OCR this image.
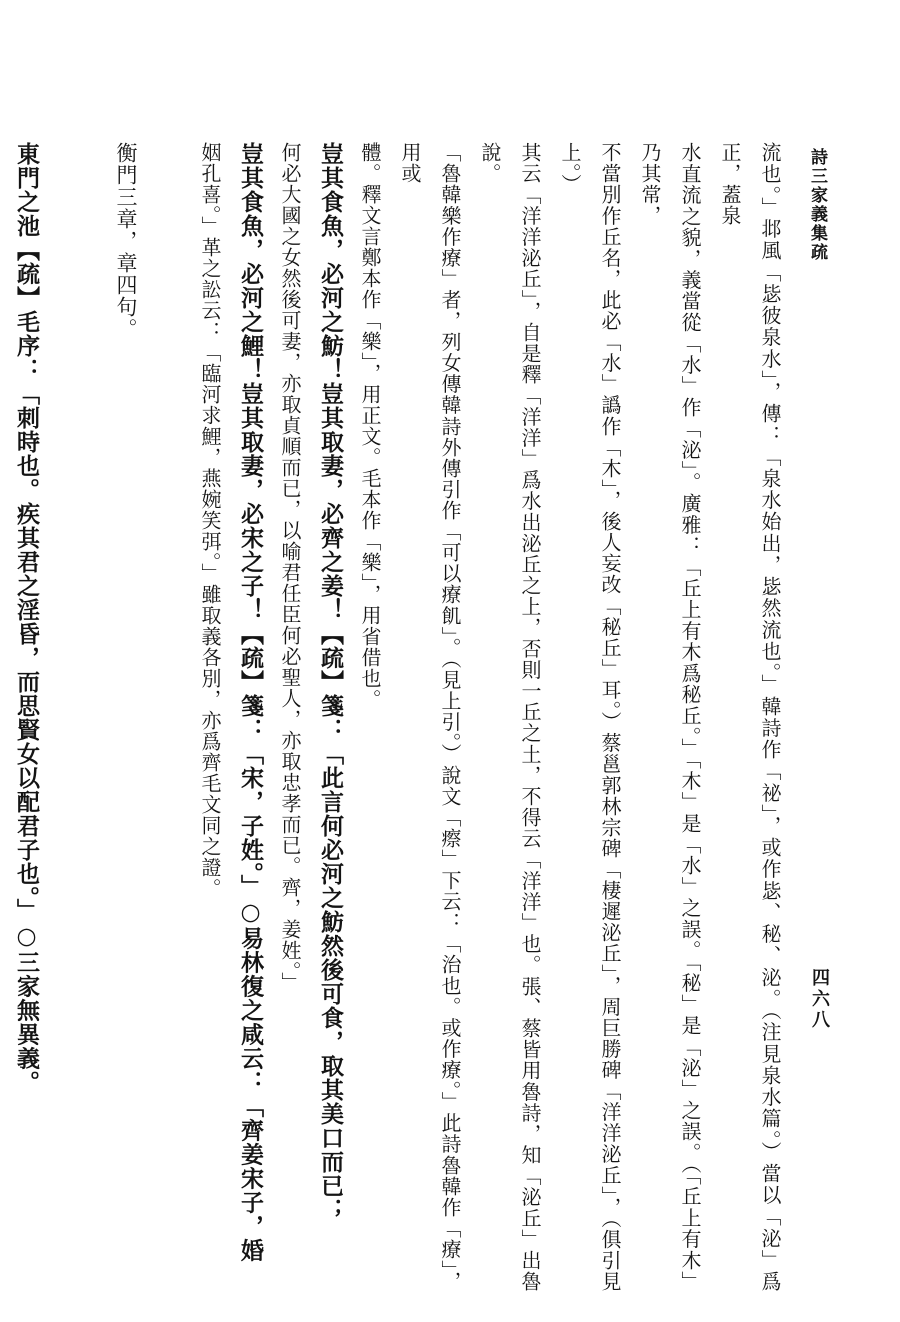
詩三家義集疏
四六八
流也。」邶風「毖彼泉水」，傳：「泉水始出，毖然流也。」韓詩作「祕」，或作毖、秘、泌。（注見泉水篇。）當以「泌」爲正，蓋泉
水直流之貌，義當從「水」作「泌」。廣雅：「丘上有木爲秘丘。」「木」是「水」之誤。「秘」是「泌」之誤。（「丘上有木」乃其常，
不當別作丘名，此必「水」譌作「木」，後人妄改「秘丘」耳。）蔡邕郭林宗碑「棲遲泌丘」，周巨勝碑「洋洋泌丘」，（俱引見上。）
其云「洋洋泌丘」，自是釋「洋洋」爲水出泌丘之上，否則一丘之土，不得云「洋洋」也。張、蔡皆用魯詩，知「泌丘」出魯說。
「魯韓樂作療」者，列女傳韓詩外傳引作「可以療飢」。（見上引。）說文「瘵」下云：「治也。或作療。」此詩魯韓作「療」，用或
體。釋文言鄭本作「樂」，用正文。毛本作「樂」，用省借也。
豈其食魚，必河之魴！豈其取妻，必齊之姜！【疏】箋：「此言何必河之魴然後可食，取其美口而已；
何必大國之女然後可妻，亦取貞順而已，以喻君任臣何必聖人，亦取忠孝而已。齊，姜姓。」
豈其食魚，必河之鯉！豈其取妻，必宋之子！【疏】箋：「宋，子姓。」○易林復之咸云：「齊姜宋子，婚
姻孔喜。」革之訟云：「臨河求鯉，燕婉笑弭。」雖取義各別，亦爲齊毛文同之證。
衡門三章，章四句。
東門之池【疏】毛序：「刺時也。疾其君之淫昏，而思賢女以配君子也。」○三家無異義。
